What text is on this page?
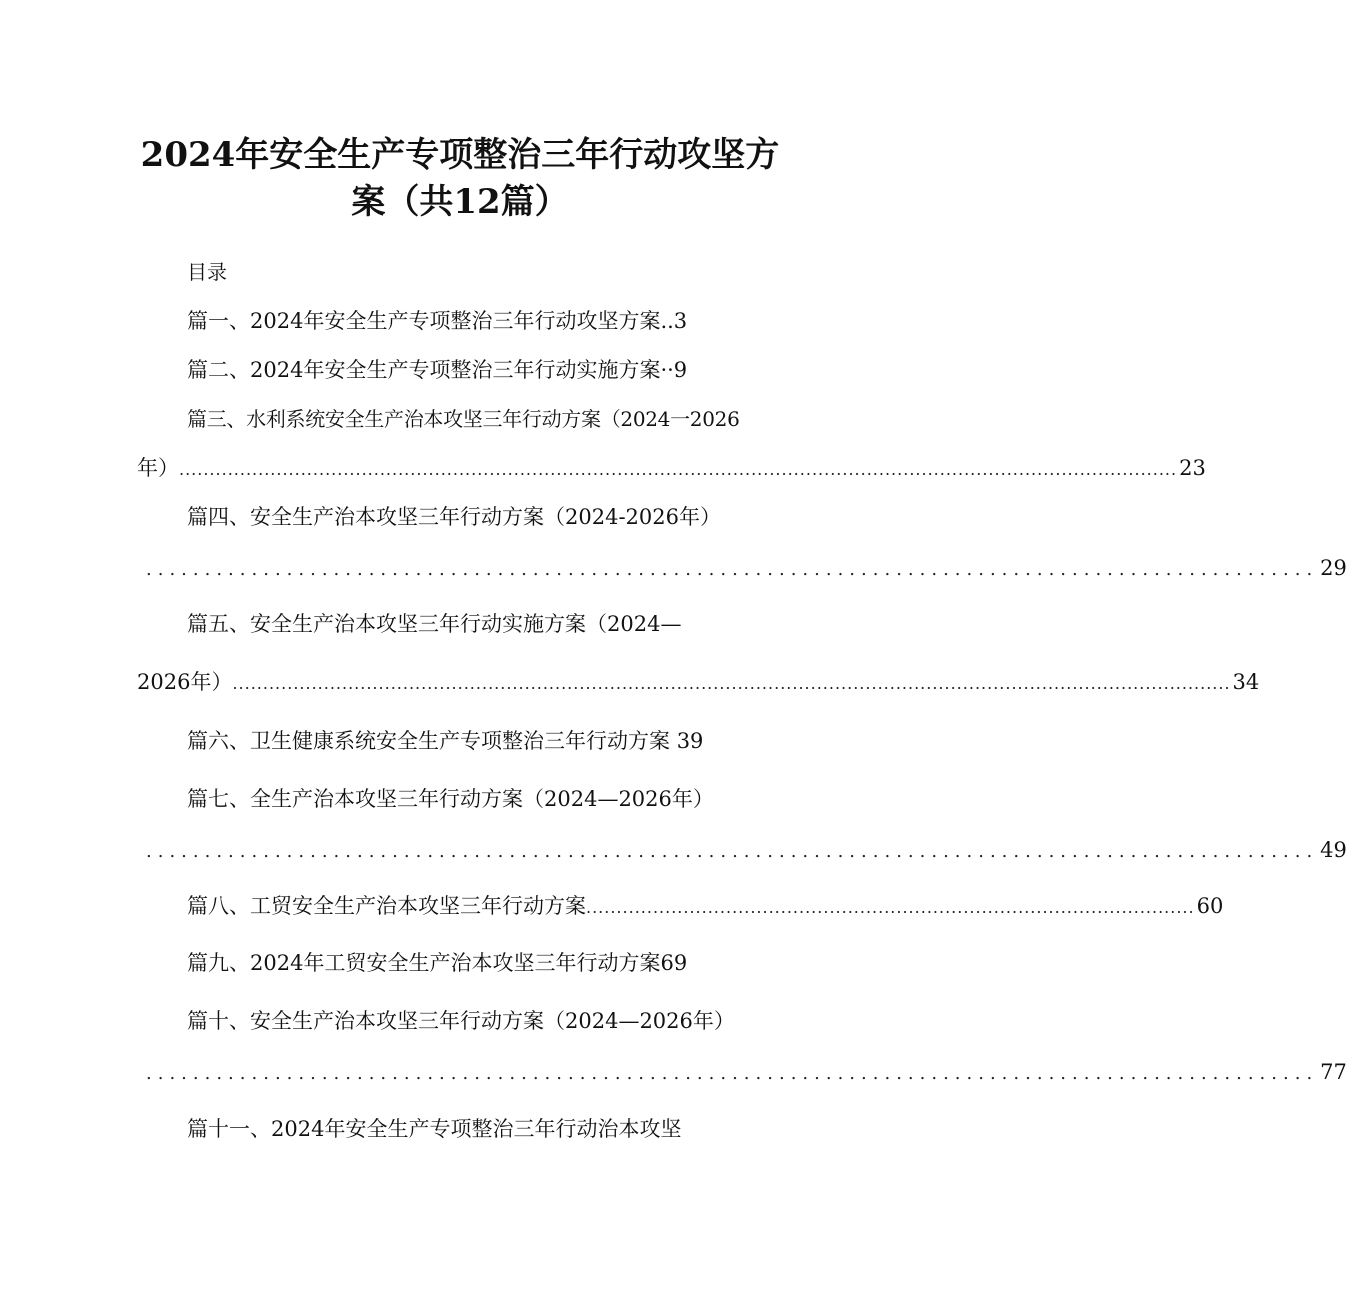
2024年安全生产专项整治三年行动攻坚方
案（共12篇）
目录
篇一、2024年安全生产专项整治三年行动攻坚方案..3
篇二、2024年安全生产专项整治三年行动实施方案··9
篇三、水利系统安全生产治本攻坚三年行动方案（2024一2026
年） .................................................................................................................................................................... 23
篇四、安全生产治本攻坚三年行动方案（2024-2026年）
.................................................................................................... 29
篇五、安全生产治本攻坚三年行动实施方案（2024—
2026年） .................................................................................................................................................................... 34
篇六、卫生健康系统安全生产专项整治三年行动方案 39
篇七、全生产治本攻坚三年行动方案（2024—2026年）
.................................................................................................... 49
篇八、工贸安全生产治本攻坚三年行动方案 .................................................................................................... 60
篇九、2024年工贸安全生产治本攻坚三年行动方案69
篇十、安全生产治本攻坚三年行动方案（2024—2026年）
.................................................................................................... 77
篇十一、2024年安全生产专项整治三年行动治本攻坚
